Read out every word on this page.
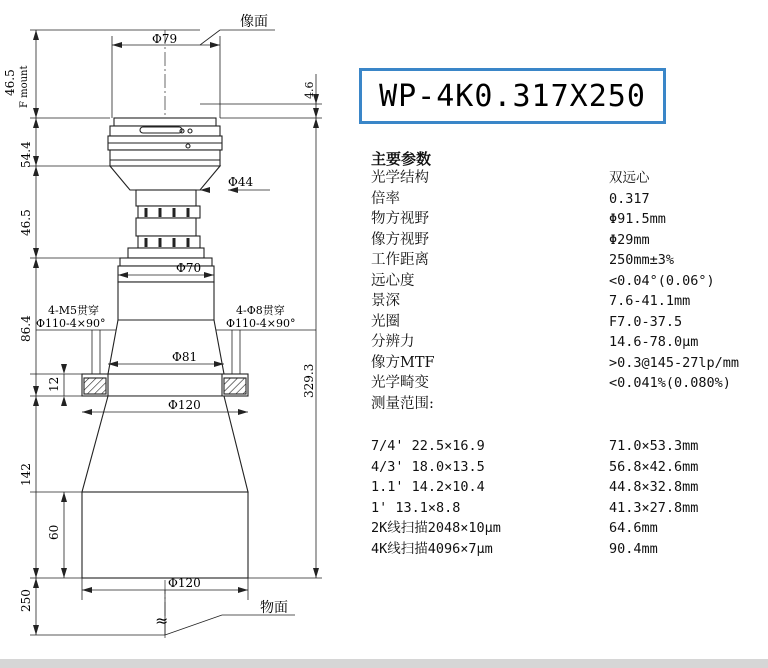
Φ79
像面
Φ44
Φ70
Φ81
Φ120
Φ120
物面
4-M5贯穿
Φ110-4×90°
4-Φ8贯穿
Φ110-4×90°
≈
46.5 F mount
54.4
46.5
86.4
12
142
60
250
4.6
329.3
WP-4K0.317X250
主要参数
光学结构	双远心
倍率	0.317
物方视野	Φ91.5mm
像方视野	Φ29mm
工作距离	250mm±3%
远心度	<0.04°(0.06°)
景深	7.6-41.1mm
光圈	F7.0-37.5
分辨力	14.6-78.0μm
像方MTF	>0.3@145-27lp/mm
光学畸变	<0.041%(0.080%)
测量范围:
7/4' 22.5×16.9	71.0×53.3mm
4/3' 18.0×13.5	56.8×42.6mm
1.1' 14.2×10.4	44.8×32.8mm
1' 13.1×8.8	41.3×27.8mm
2K线扫描2048×10μm	64.6mm
4K线扫描4096×7μm	90.4mm
